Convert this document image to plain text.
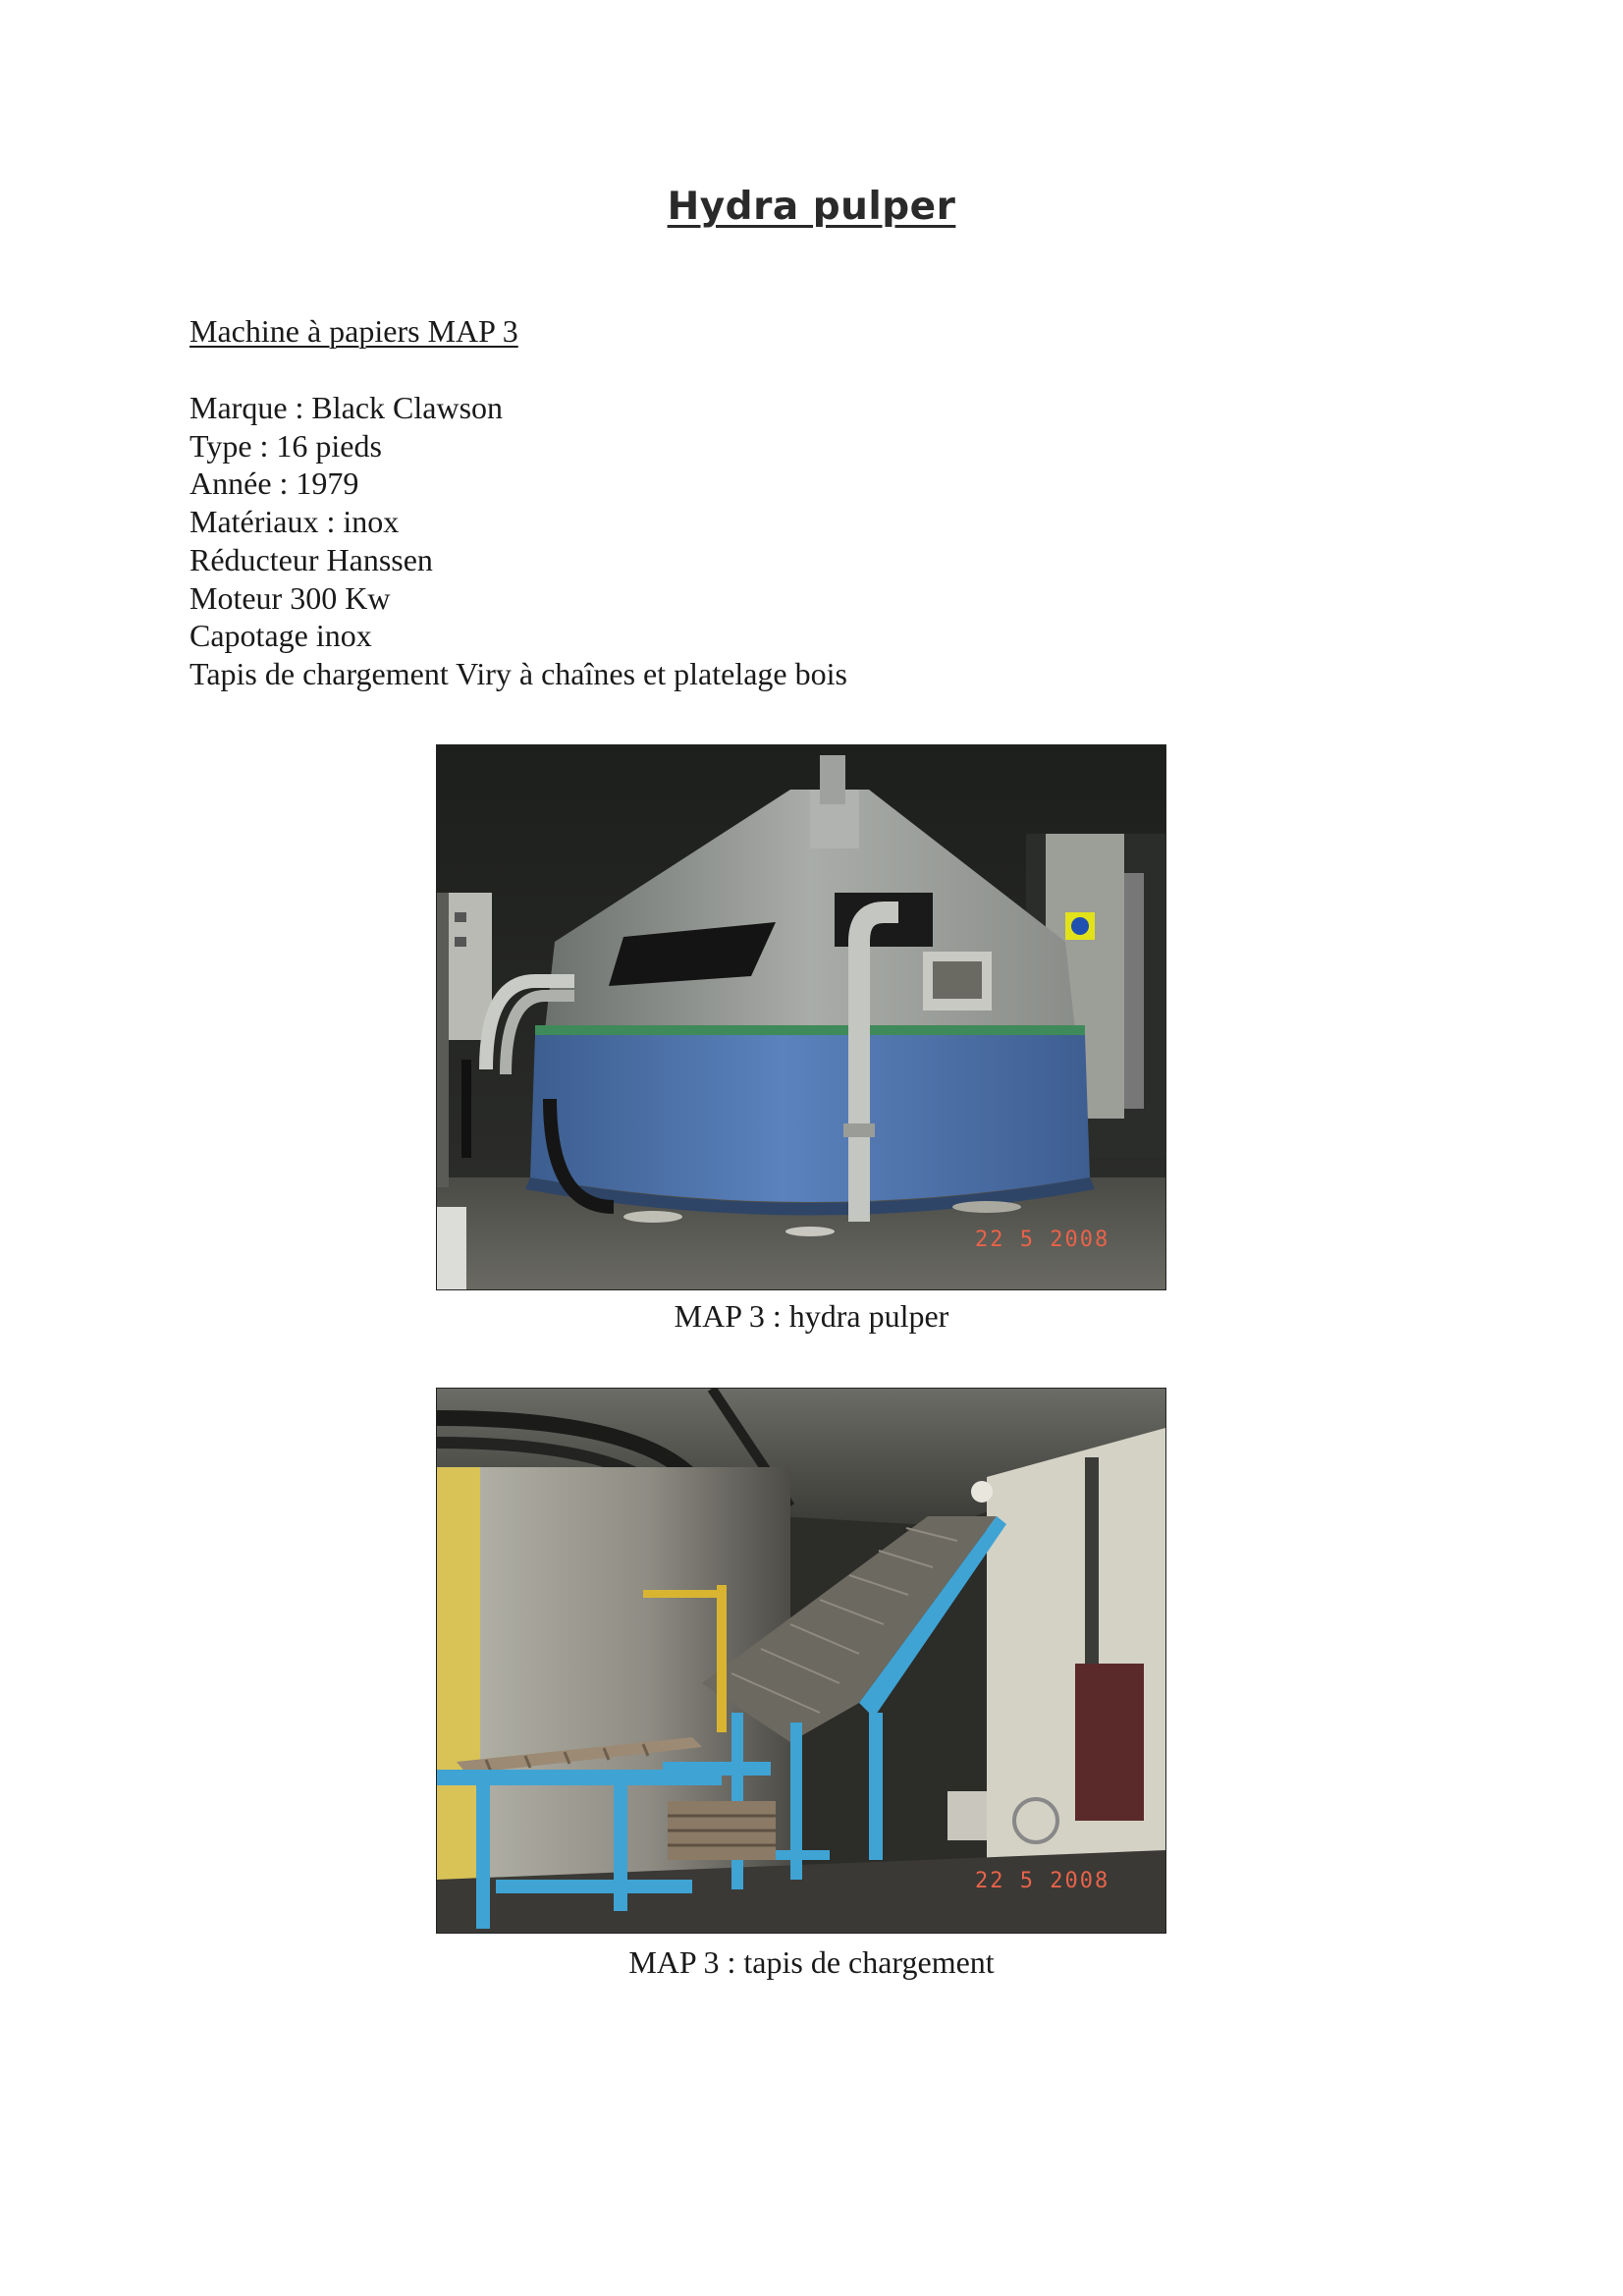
Hydra pulper
Machine à papiers MAP 3
Marque : Black Clawson
Type : 16 pieds
Année : 1979
Matériaux : inox
Réducteur Hanssen
Moteur 300 Kw
Capotage inox
Tapis de chargement Viry à chaînes et platelage bois
22 5 2008
MAP 3 : hydra pulper
22 5 2008
MAP 3 : tapis de chargement
